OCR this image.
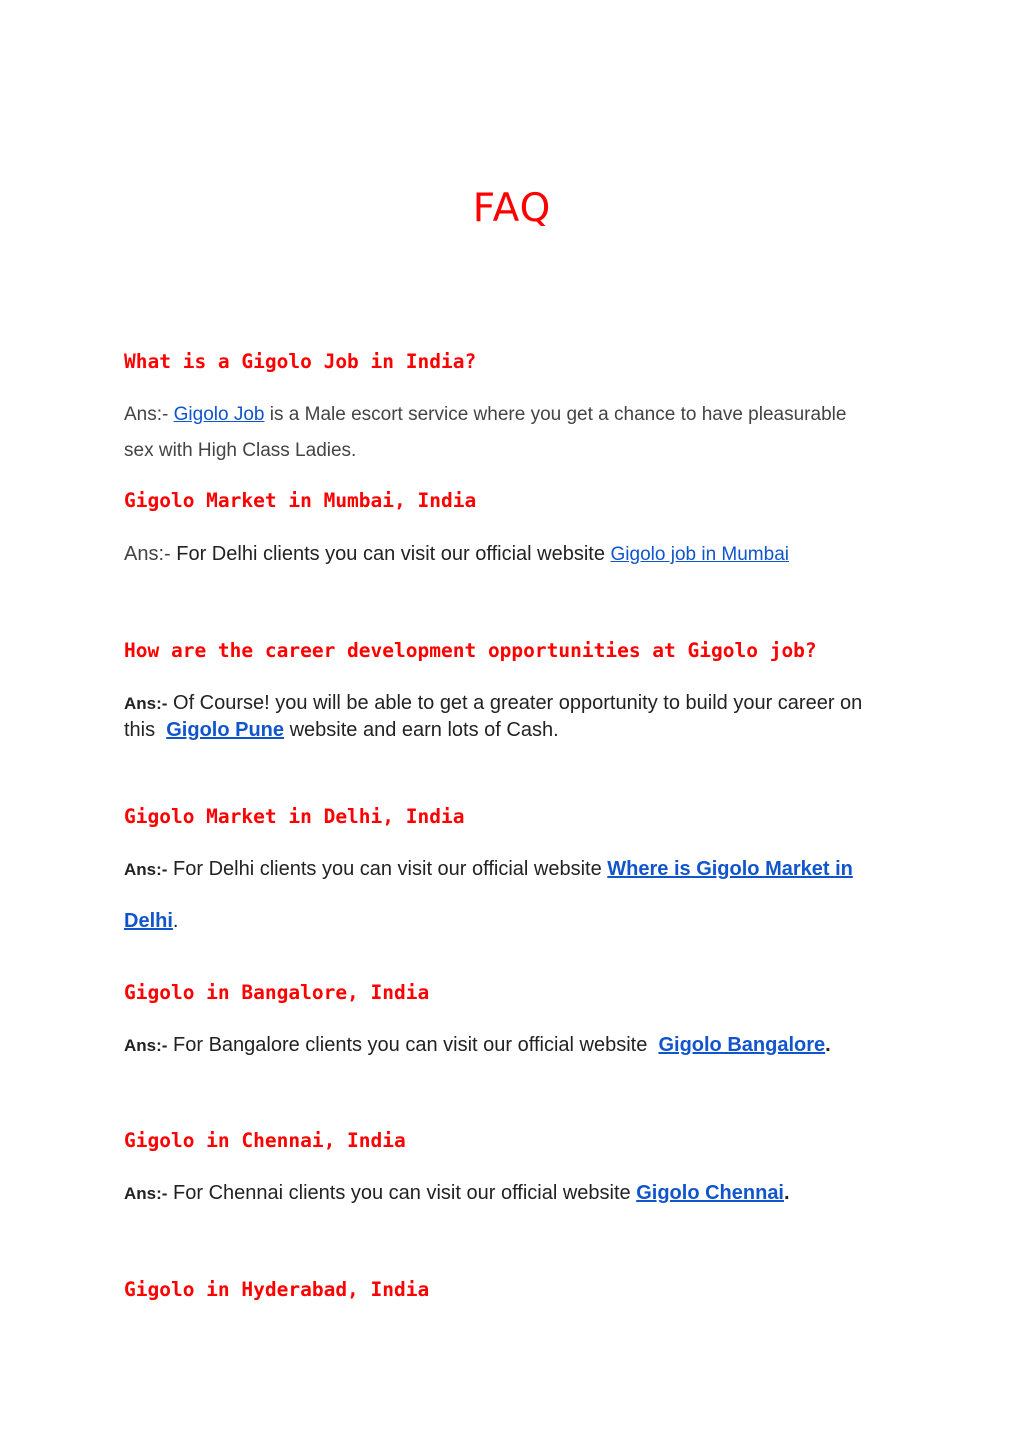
FAQ
What is a Gigolo Job in India?

Ans:- Gigolo Job is a Male escort service where you get a chance to have pleasurable

sex with High Class Ladies.

Gigolo Market in Mumbai, India

Ans:- For Delhi clients you can visit our official website Gigolo job in Mumbai

How are the career development opportunities at Gigolo job?

Ans:- Of Course! you will be able to get a greater opportunity to build your career on

this Gigolo Pune website and earn lots of Cash.

Gigolo Market in Delhi, India

Ans:- For Delhi clients you can visit our official website Where is Gigolo Market in

Delhi.

Gigolo in Bangalore, India

Ans:- For Bangalore clients you can visit our official website Gigolo Bangalore.

Gigolo in Chennai, India

Ans:- For Chennai clients you can visit our official website Gigolo Chennai.

Gigolo in Hyderabad, India
